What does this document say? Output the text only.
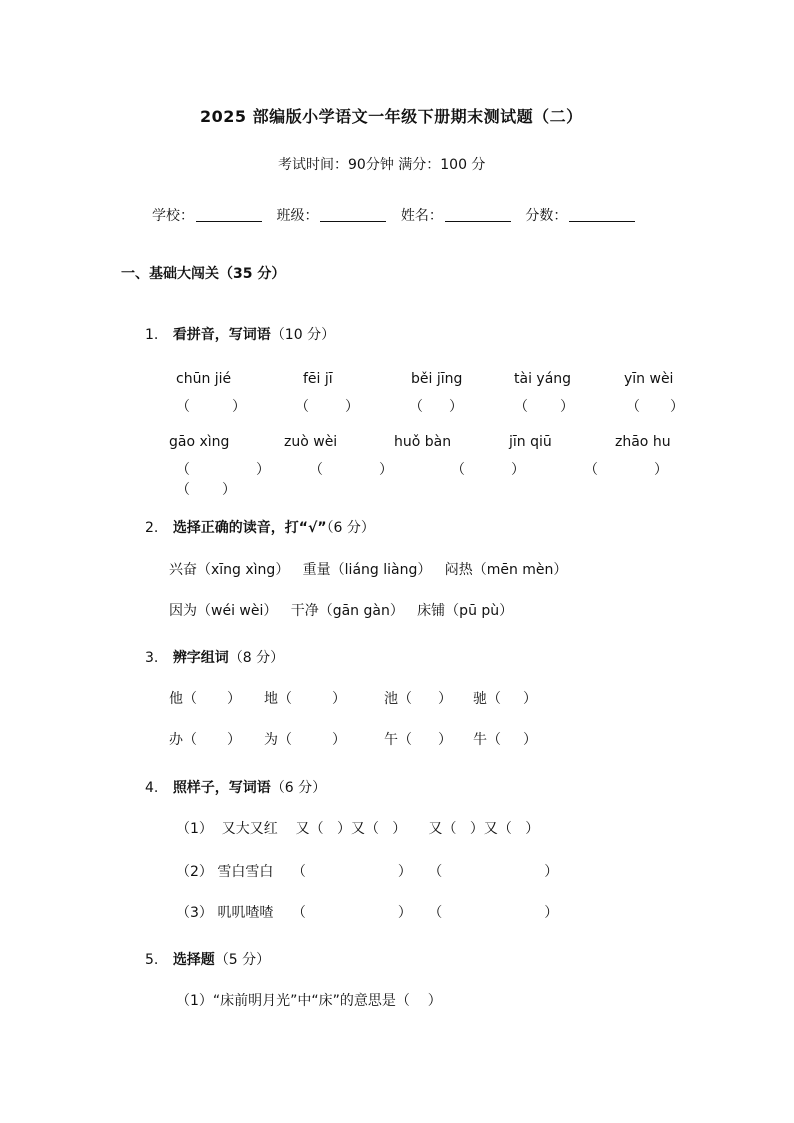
2025 部编版小学语文一年级下册期末测试题（二）
考试时间：90分钟 满分：100 分
学校：	班级：	姓名：	分数：
一、基础大闯关（35 分）
1. 看拼音，写词语（10 分）
chūn jié	fēi jī	běi jīng	tài yáng	yīn wèi
（	）	（	）	（ ）	（ ）	（ ）
gāo xìng	zuò wèi	huǒ bàn	jīn qiū	zhāo hu
（	）	（	）	（	）	（	）
（ ）
2. 选择正确的读音，打“√”（6 分）
兴奋（xīng xìng）   重量（liáng liàng）   闷热（mēn mèn）
因为（wéi wèi）   干净（gān gàn）   床铺（pū pù）
3. 辨字组词（8 分）
他（ ） 地（	）	池（ ） 驰（ ）
办（ ） 为（	）	午（ ） 牛（ ）
4. 照样子，写词语（6 分）
（1）  又大又红    又（   ）又（   ）     又（   ）又（   ）
（2） 雪白雪白 （	） （	）
（3） 叽叽喳喳 （	） （	）
5. 选择题（5 分）
（1）“床前明月光”中“床”的意思是（    ）
